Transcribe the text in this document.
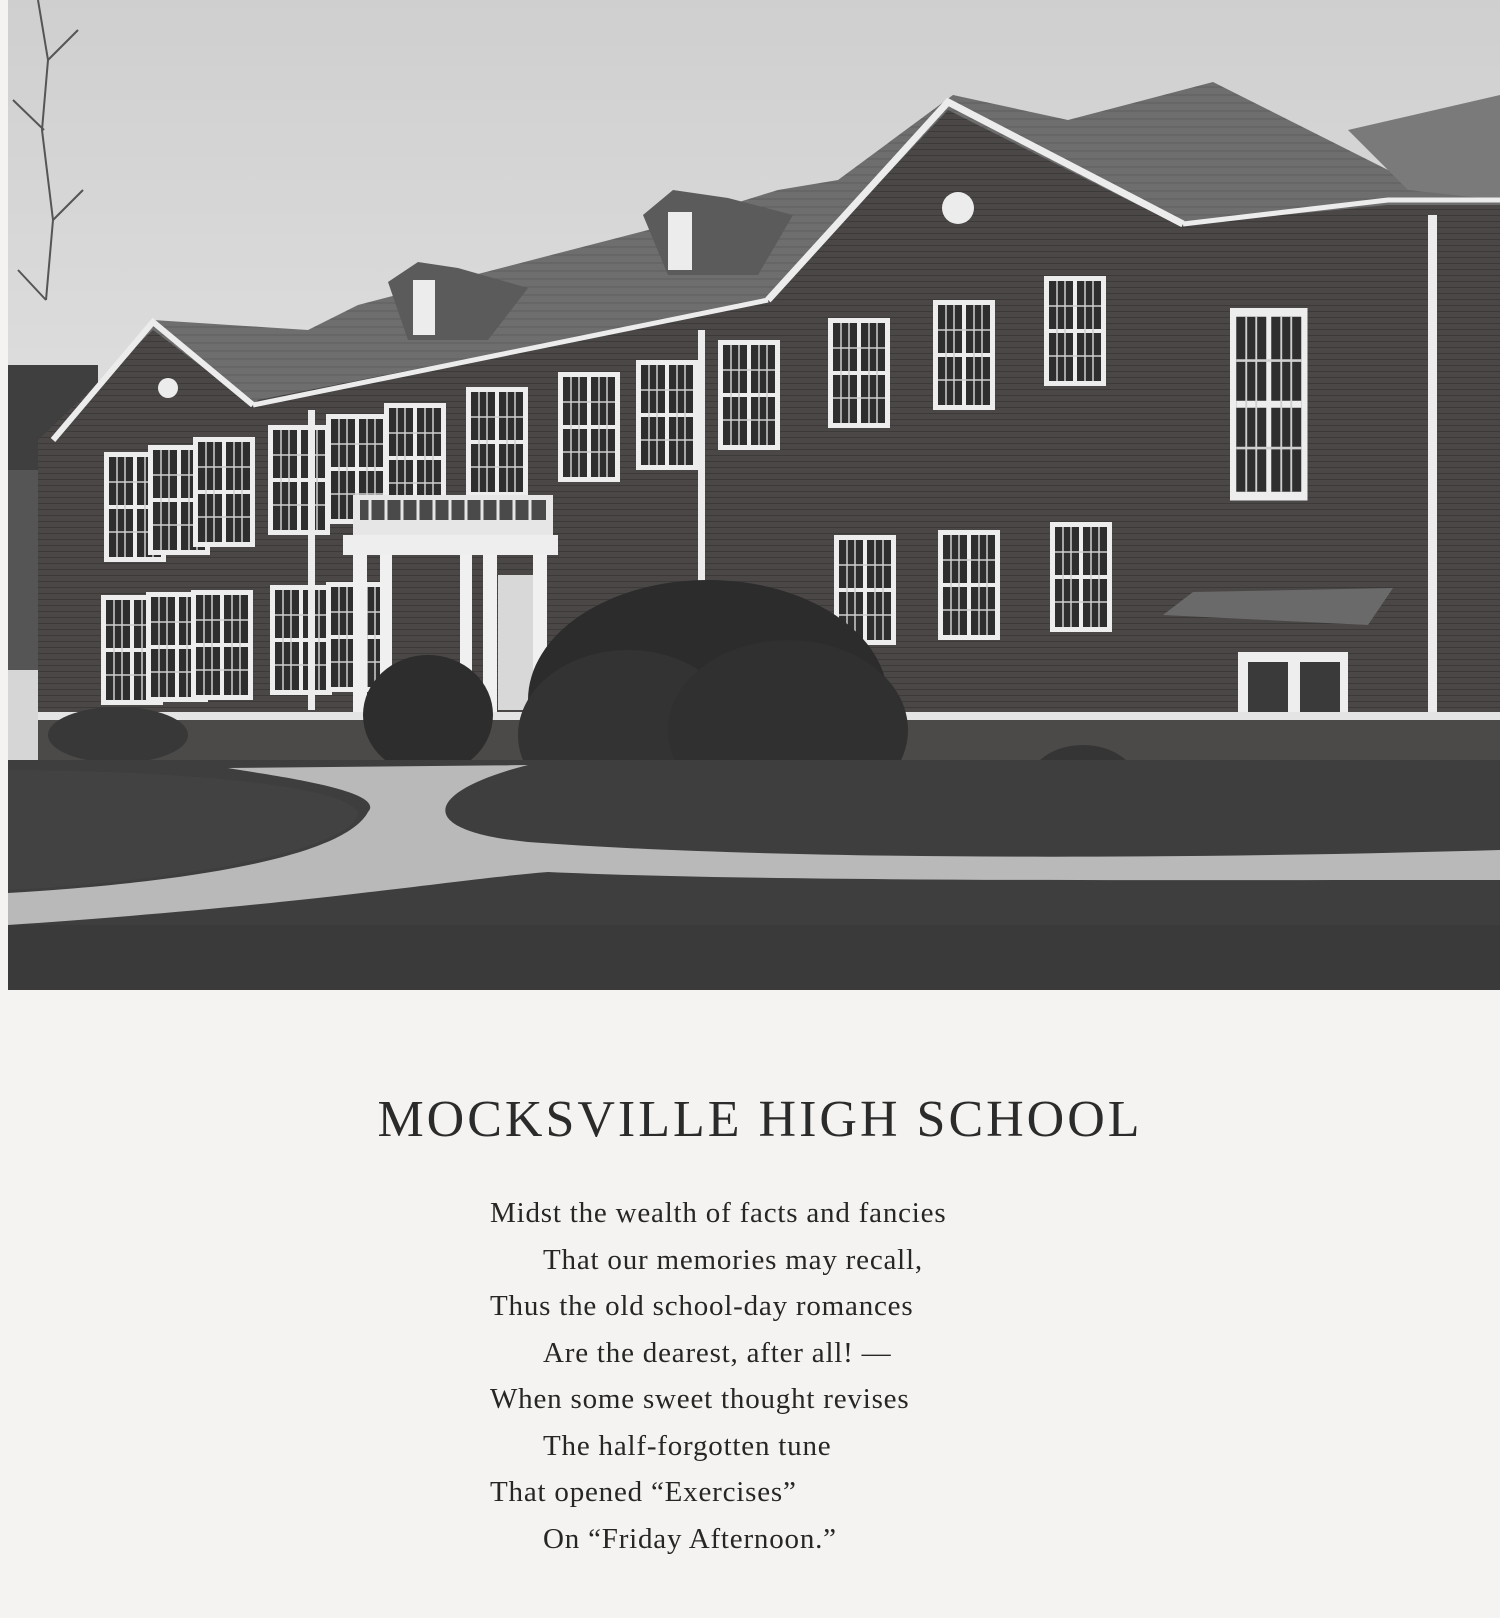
MOCKSVILLE HIGH SCHOOL
Midst the wealth of facts and fancies
That our memories may recall,
Thus the old school-day romances
Are the dearest, after all! —
When some sweet thought revises
The half-forgotten tune
That opened “Exercises”
On “Friday Afternoon.”
